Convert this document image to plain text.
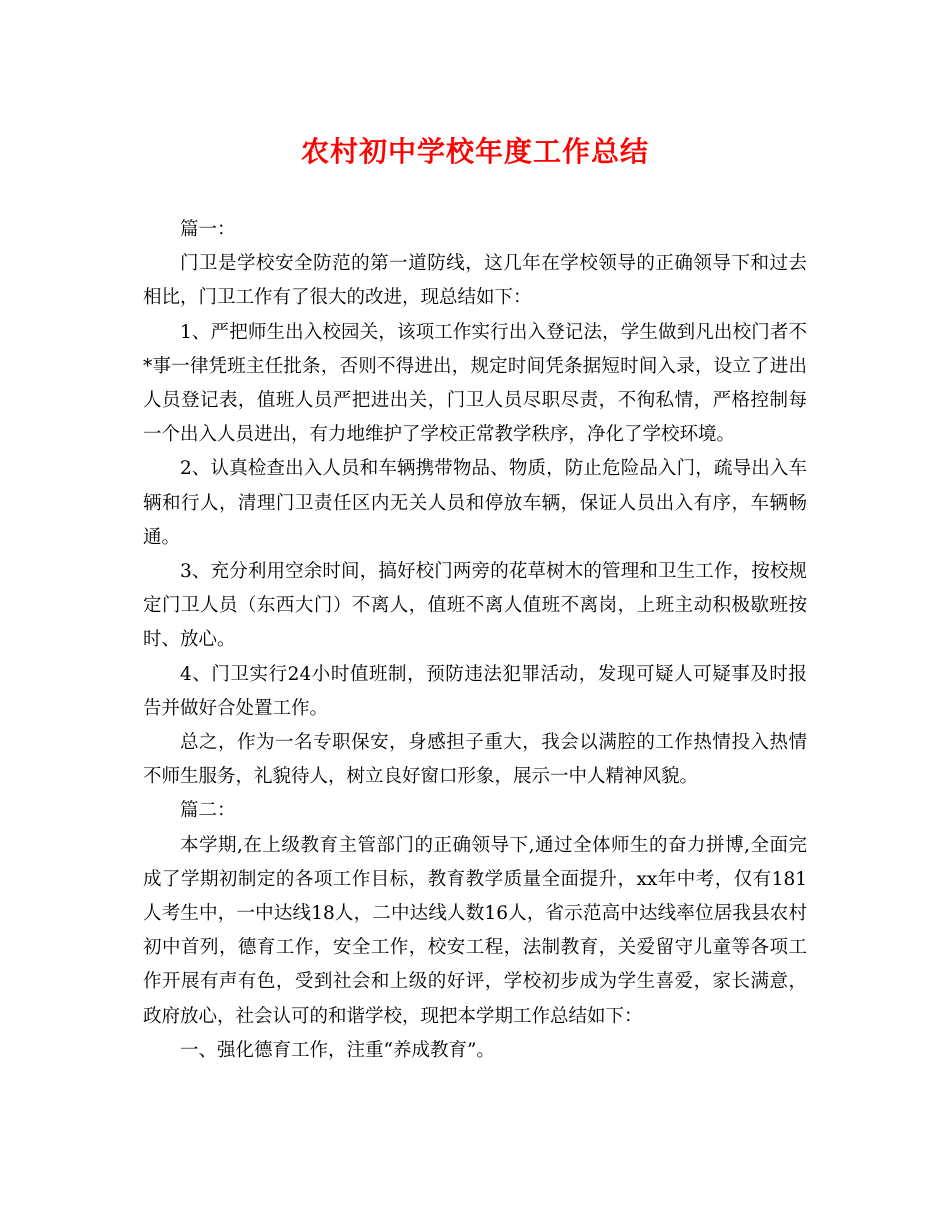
农村初中学校年度工作总结

篇一：

门卫是学校安全防范的第一道防线，这几年在学校领导的正确领导下和过去相比，门卫工作有了很大的改进，现总结如下：

1、严把师生出入校园关，该项工作实行出入登记法，学生做到凡出校门者不*事一律凭班主任批条，否则不得进出，规定时间凭条据短时间入录，设立了进出人员登记表，值班人员严把进出关，门卫人员尽职尽责，不徇私情，严格控制每一个出入人员进出，有力地维护了学校正常教学秩序，净化了学校环境。

2、认真检查出入人员和车辆携带物品、物质，防止危险品入门，疏导出入车辆和行人，清理门卫责任区内无关人员和停放车辆，保证人员出入有序，车辆畅通。

3、充分利用空余时间，搞好校门两旁的花草树木的管理和卫生工作，按校规定门卫人员（东西大门）不离人，值班不离人值班不离岗，上班主动积极歇班按时、放心。

4、门卫实行24小时值班制，预防违法犯罪活动，发现可疑人可疑事及时报告并做好合处置工作。

总之，作为一名专职保安，身感担子重大，我会以满腔的工作热情投入热情不师生服务，礼貌待人，树立良好窗口形象，展示一中人精神风貌。

篇二：

本学期,在上级教育主管部门的正确领导下,通过全体师生的奋力拼博,全面完成了学期初制定的各项工作目标，教育教学质量全面提升，xx年中考，仅有181人考生中，一中达线18人，二中达线人数16人，省示范高中达线率位居我县农村初中首列，德育工作，安全工作，校安工程，法制教育，关爱留守儿童等各项工作开展有声有色，受到社会和上级的好评，学校初步成为学生喜爱，家长满意，政府放心，社会认可的和谐学校，现把本学期工作总结如下：

一、强化德育工作，注重“养成教育”。
